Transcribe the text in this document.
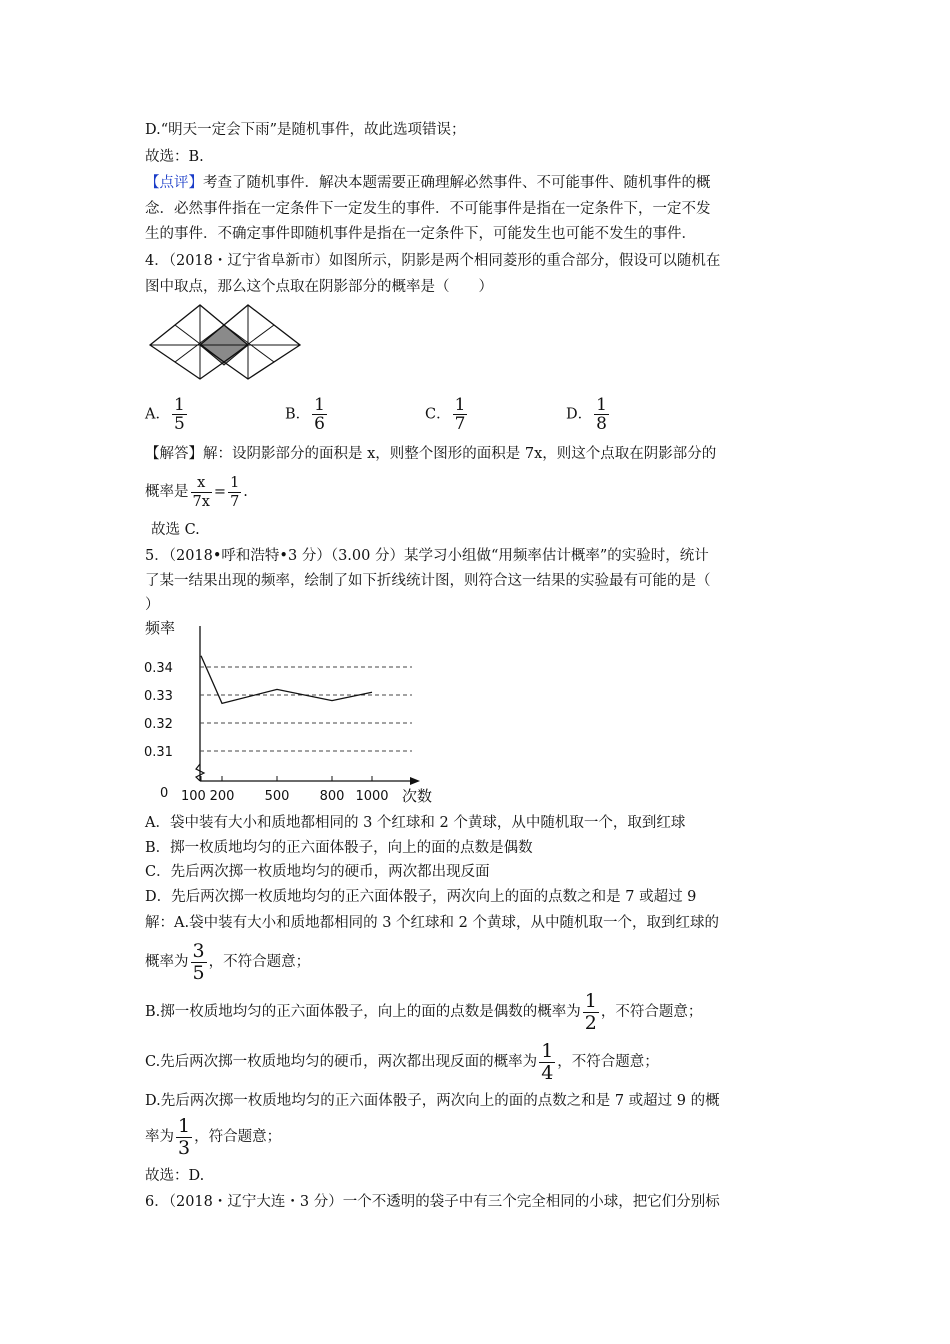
D.“明天一定会下雨”是随机事件，故此选项错误；
故选：B.
【点评】考查了随机事件．解决本题需要正确理解必然事件、不可能事件、随机事件的概
念．必然事件指在一定条件下一定发生的事件．不可能事件是指在一定条件下，一定不发
生的事件．不确定事件即随机事件是指在一定条件下，可能发生也可能不发生的事件．
4．（2018・辽宁省阜新市）如图所示，阴影是两个相同菱形的重合部分，假设可以随机在
图中取点，那么这个点取在阴影部分的概率是（　　）
A． $\frac{1}{5}$	B． $\frac{1}{6}$	C． $\frac{1}{7}$	D． $\frac{1}{8}$
【解答】解：设阴影部分的面积是 x，则整个图形的面积是 7x，则这个点取在阴影部分的
概率是 $\frac{x}{7x} = \frac{1}{7}$ .
故选 C.
5．（2018•呼和浩特•3 分）（3.00 分）某学习小组做“用频率估计概率”的实验时，统计
了某一结果出现的频率，绘制了如下折线统计图，则符合这一结果的实验最有可能的是（
）
频率
次数
0
0.34
0.33
0.32
0.31
100 200 500 800 1000
A．袋中装有大小和质地都相同的 3 个红球和 2 个黄球，从中随机取一个，取到红球
B．掷一枚质地均匀的正六面体骰子，向上的面的点数是偶数
C．先后两次掷一枚质地均匀的硬币，两次都出现反面
D．先后两次掷一枚质地均匀的正六面体骰子，两次向上的面的点数之和是 7 或超过 9
解：A.袋中装有大小和质地都相同的 3 个红球和 2 个黄球，从中随机取一个，取到红球的
概率为 $\frac{3}{5}$ ，不符合题意；
B.掷一枚质地均匀的正六面体骰子，向上的面的点数是偶数的概率为 $\frac{1}{2}$ ，不符合题意；
C.先后两次掷一枚质地均匀的硬币，两次都出现反面的概率为 $\frac{1}{4}$ ，不符合题意；
D.先后两次掷一枚质地均匀的正六面体骰子，两次向上的面的点数之和是 7 或超过 9 的概
率为 $\frac{1}{3}$ ，符合题意；
故选：D.
6．（2018・辽宁大连・3 分）一个不透明的袋子中有三个完全相同的小球，把它们分别标
